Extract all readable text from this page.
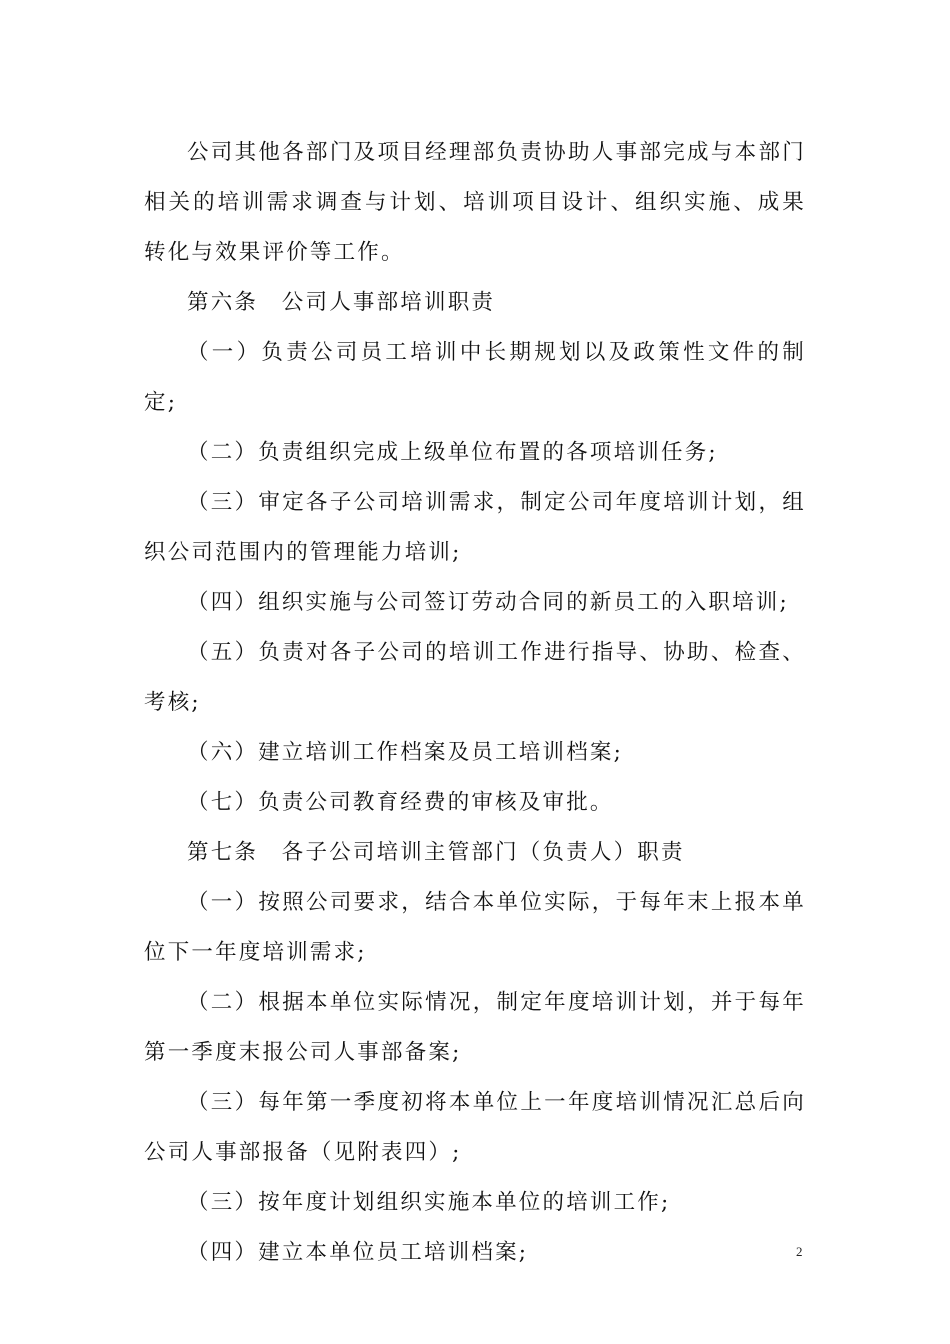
公司其他各部门及项目经理部负责协助人事部完成与本部门相关的培训需求调查与计划、培训项目设计、组织实施、成果转化与效果评价等工作。

第六条　公司人事部培训职责

（一）负责公司员工培训中长期规划以及政策性文件的制定;

（二）负责组织完成上级单位布置的各项培训任务;

（三）审定各子公司培训需求，制定公司年度培训计划，组织公司范围内的管理能力培训;

（四）组织实施与公司签订劳动合同的新员工的入职培训;

（五）负责对各子公司的培训工作进行指导、协助、检查、考核;

（六）建立培训工作档案及员工培训档案;

（七）负责公司教育经费的审核及审批。

第七条　各子公司培训主管部门（负责人）职责

（一）按照公司要求，结合本单位实际，于每年末上报本单位下一年度培训需求;

（二）根据本单位实际情况，制定年度培训计划，并于每年第一季度末报公司人事部备案;

（三）每年第一季度初将本单位上一年度培训情况汇总后向公司人事部报备（见附表四）;

（三）按年度计划组织实施本单位的培训工作;

（四）建立本单位员工培训档案;	2
